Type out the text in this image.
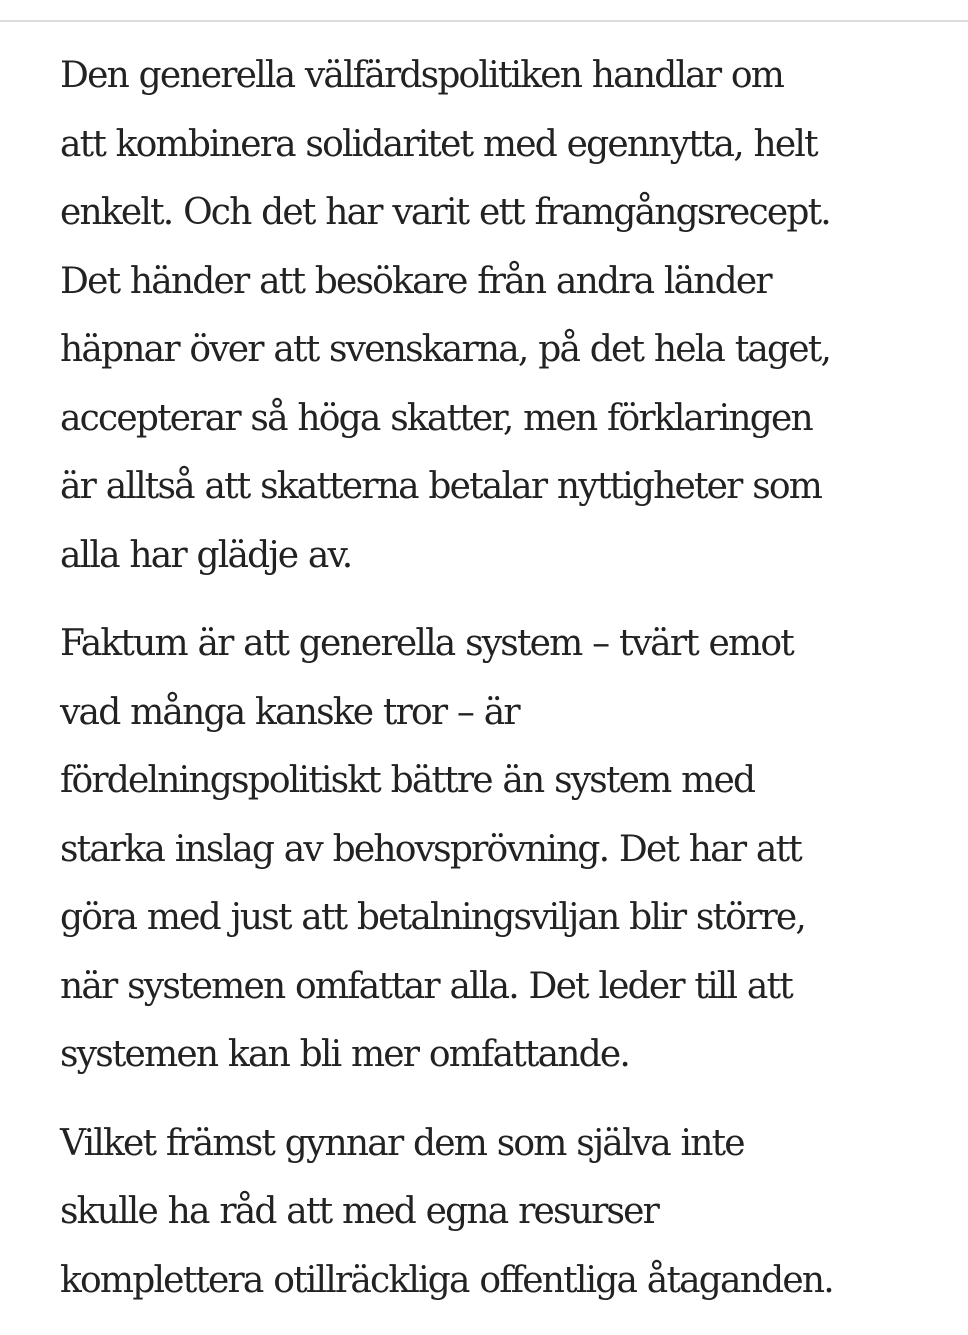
Den generella välfärdspolitiken handlar om
att kombinera solidaritet med egennytta, helt
enkelt. Och det har varit ett framgångsrecept.
Det händer att besökare från andra länder
häpnar över att svenskarna, på det hela taget,
accepterar så höga skatter, men förklaringen
är alltså att skatterna betalar nyttigheter som
alla har glädje av.

Faktum är att generella system – tvärt emot
vad många kanske tror – är
fördelningspolitiskt bättre än system med
starka inslag av behovsprövning. Det har att
göra med just att betalningsviljan blir större,
när systemen omfattar alla. Det leder till att
systemen kan bli mer omfattande.

Vilket främst gynnar dem som själva inte
skulle ha råd att med egna resurser
komplettera otillräckliga offentliga åtaganden.
